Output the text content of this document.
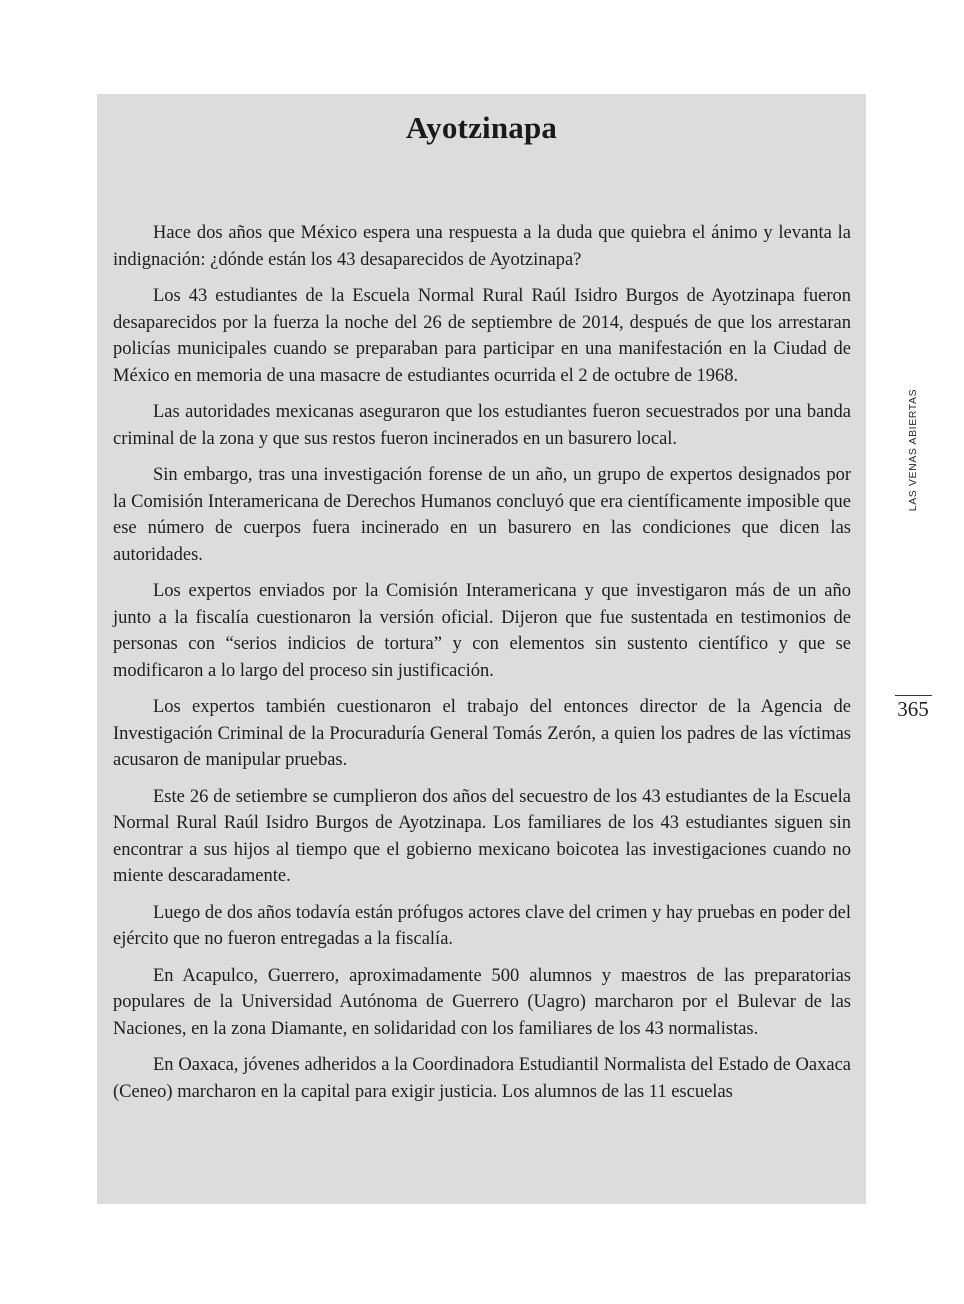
Ayotzinapa

Hace dos años que México espera una respuesta a la duda que quiebra el ánimo y levanta la indignación: ¿dónde están los 43 desaparecidos de Ayotzinapa?

Los 43 estudiantes de la Escuela Normal Rural Raúl Isidro Burgos de Ayotzinapa fueron desaparecidos por la fuerza la noche del 26 de septiembre de 2014, después de que los arrestaran policías municipales cuando se preparaban para participar en una manifestación en la Ciudad de México en memoria de una masacre de estudiantes ocurrida el 2 de octubre de 1968.

Las autoridades mexicanas aseguraron que los estudiantes fueron secuestrados por una banda criminal de la zona y que sus restos fueron incinerados en un basurero local.

Sin embargo, tras una investigación forense de un año, un grupo de expertos designados por la Comisión Interamericana de Derechos Humanos concluyó que era científicamente imposible que ese número de cuerpos fuera incinerado en un basurero en las condiciones que dicen las autoridades.

Los expertos enviados por la Comisión Interamericana y que investigaron más de un año junto a la fiscalía cuestionaron la versión oficial. Dijeron que fue sustentada en testimonios de personas con “serios indicios de tortura” y con elementos sin sustento científico y que se modificaron a lo largo del proceso sin justificación.

Los expertos también cuestionaron el trabajo del entonces director de la Agencia de Investigación Criminal de la Procuraduría General Tomás Zerón, a quien los padres de las víctimas acusaron de manipular pruebas.

Este 26 de setiembre se cumplieron dos años del secuestro de los 43 estudiantes de la Escuela Normal Rural Raúl Isidro Burgos de Ayotzinapa. Los familiares de los 43 estudiantes siguen sin encontrar a sus hijos al tiempo que el gobierno mexicano boicotea las investigaciones cuando no miente descaradamente.

Luego de dos años todavía están prófugos actores clave del crimen y hay pruebas en poder del ejército que no fueron entregadas a la fiscalía.

En Acapulco, Guerrero, aproximadamente 500 alumnos y maestros de las preparatorias populares de la Universidad Autónoma de Guerrero (Uagro) marcharon por el Bulevar de las Naciones, en la zona Diamante, en solidaridad con los familiares de los 43 normalistas.

En Oaxaca, jóvenes adheridos a la Coordinadora Estudiantil Normalista del Estado de Oaxaca (Ceneo) marcharon en la capital para exigir justicia. Los alumnos de las 11 escuelas

LAS VENAS ABIERTAS
365
